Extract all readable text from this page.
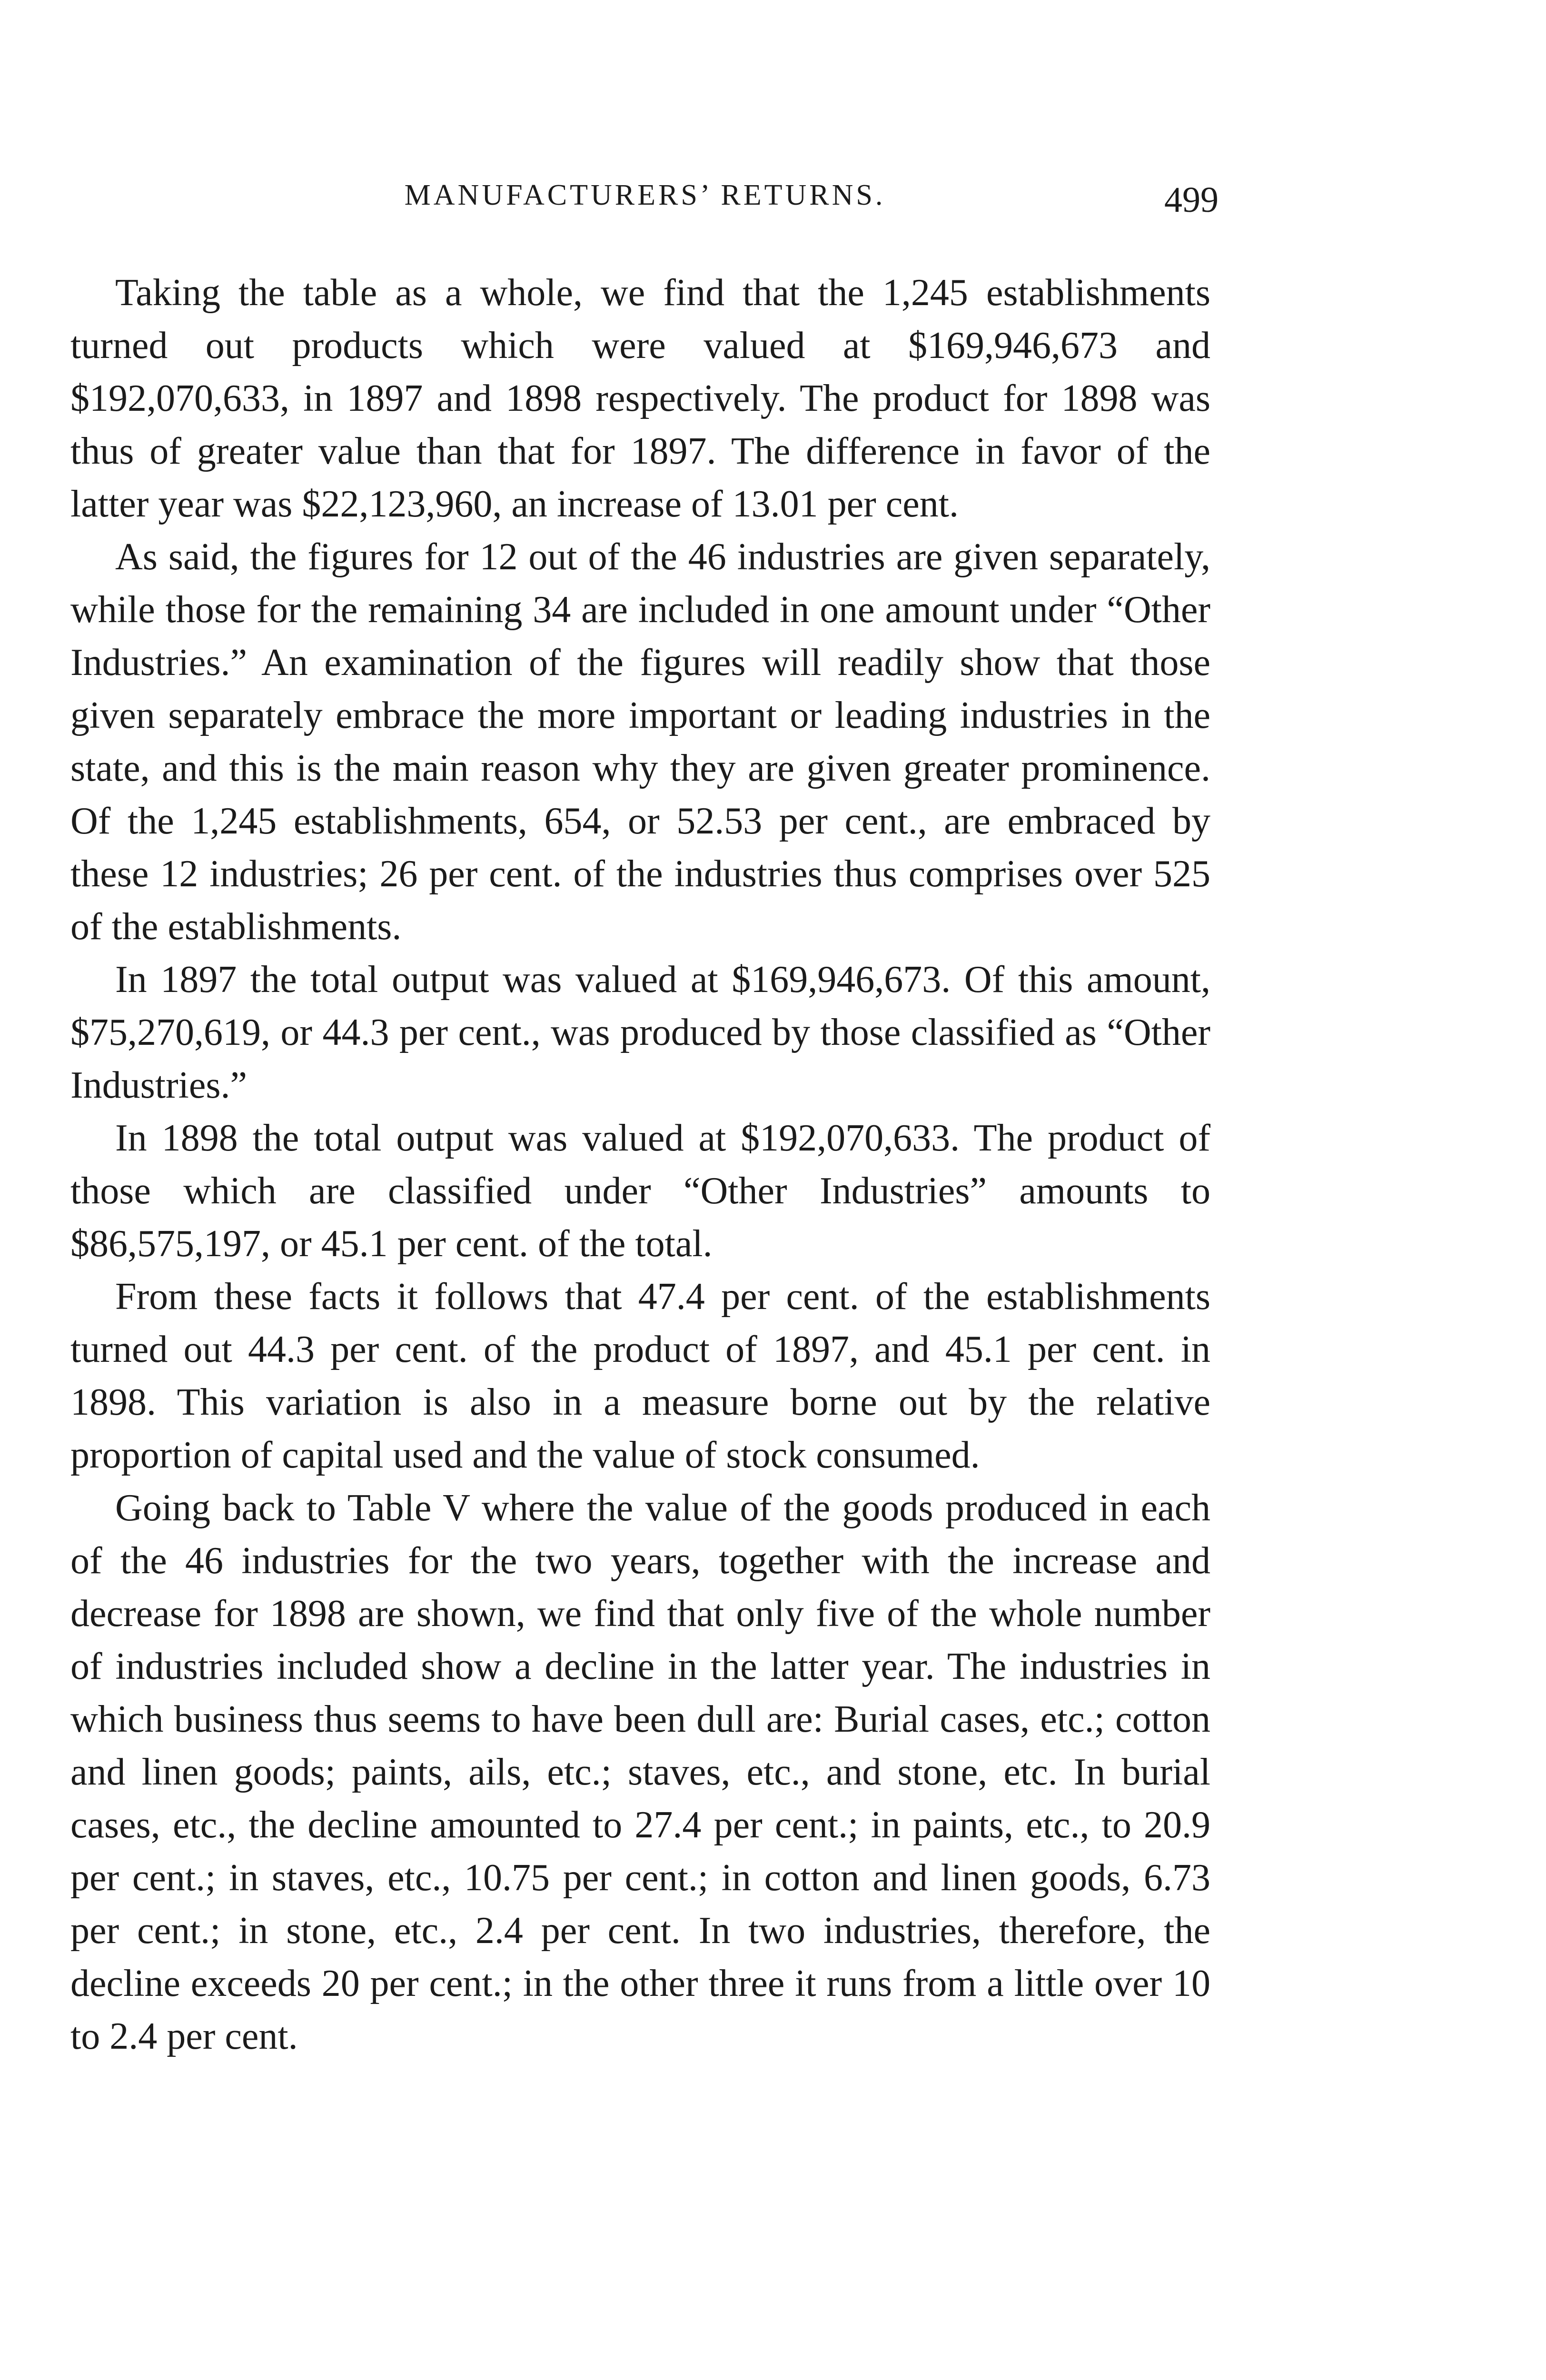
MANUFACTURERS’ RETURNS.	499

Taking the table as a whole, we find that the 1,245 establishments turned out products which were valued at $169,946,673 and $192,070,633, in 1897 and 1898 respectively. The product for 1898 was thus of greater value than that for 1897. The difference in favor of the latter year was $22,123,960, an increase of 13.01 per cent.

As said, the figures for 12 out of the 46 industries are given separately, while those for the remaining 34 are included in one amount under “Other Industries.” An examination of the figures will readily show that those given separately embrace the more important or leading industries in the state, and this is the main reason why they are given greater prominence. Of the 1,245 establishments, 654, or 52.53 per cent., are embraced by these 12 industries; 26 per cent. of the industries thus comprises over 525 of the establishments.

In 1897 the total output was valued at $169,946,673. Of this amount, $75,270,619, or 44.3 per cent., was produced by those classified as “Other Industries.”

In 1898 the total output was valued at $192,070,633. The product of those which are classified under “Other Industries” amounts to $86,575,197, or 45.1 per cent. of the total.

From these facts it follows that 47.4 per cent. of the establishments turned out 44.3 per cent. of the product of 1897, and 45.1 per cent. in 1898. This variation is also in a measure borne out by the relative proportion of capital used and the value of stock consumed.

Going back to Table V where the value of the goods produced in each of the 46 industries for the two years, together with the increase and decrease for 1898 are shown, we find that only five of the whole number of industries included show a decline in the latter year. The industries in which business thus seems to have been dull are: Burial cases, etc.; cotton and linen goods; paints, ails, etc.; staves, etc., and stone, etc. In burial cases, etc., the decline amounted to 27.4 per cent.; in paints, etc., to 20.9 per cent.; in staves, etc., 10.75 per cent.; in cotton and linen goods, 6.73 per cent.; in stone, etc., 2.4 per cent. In two industries, therefore, the decline exceeds 20 per cent.; in the other three it runs from a little over 10 to 2.4 per cent.
